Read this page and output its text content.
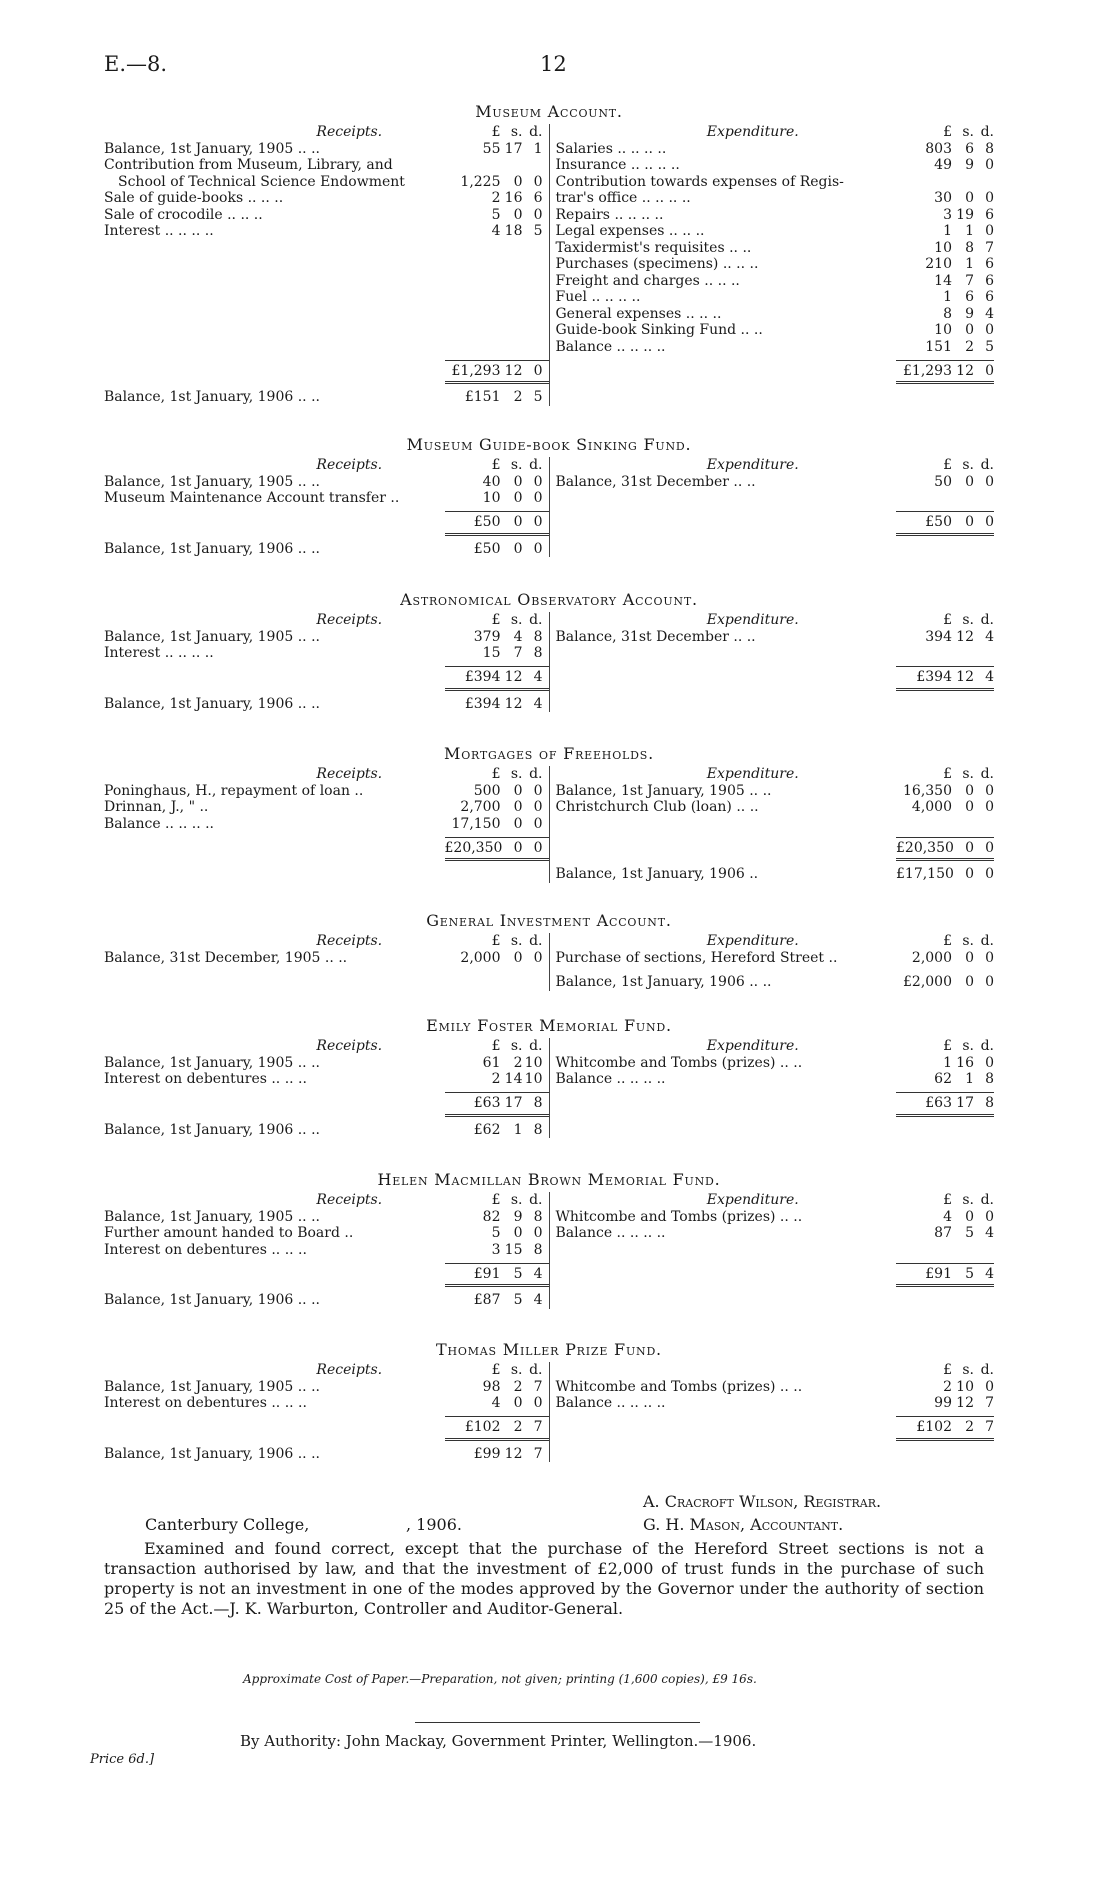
E.—8.	12
Museum Account.
Receipts.	£ s. d.
Balance, 1st January, 1905 .. ..	55 17 1
Contribution from Museum, Library, and
School of Technical Science Endowment	1,225 0 0
Sale of guide-books .. .. ..	2 16 6
Sale of crocodile .. .. ..	5 0 0
Interest .. .. .. ..	4 18 5
£1,293 12 0
Balance, 1st January, 1906 .. ..	£151 2 5
Expenditure.	£ s. d.
Salaries .. .. .. ..	803 6 8
Insurance .. .. .. ..	49 9 0
Contribution towards expenses of Regis-
trar's office .. .. .. ..	30 0 0
Repairs .. .. .. ..	3 19 6
Legal expenses .. .. ..	1 1 0
Taxidermist's requisites .. ..	10 8 7
Purchases (specimens) .. .. ..	210 1 6
Freight and charges .. .. ..	14 7 6
Fuel .. .. .. ..	1 6 6
General expenses .. .. ..	8 9 4
Guide-book Sinking Fund .. ..	10 0 0
Balance .. .. .. ..	151 2 5
£1,293 12 0
Museum Guide-book Sinking Fund.
Receipts.	£ s. d.
Balance, 1st January, 1905 .. ..	40 0 0
Museum Maintenance Account transfer ..	10 0 0
£50 0 0
Balance, 1st January, 1906 .. ..	£50 0 0
Expenditure.	£ s. d.
Balance, 31st December .. ..	50 0 0
£50 0 0
Astronomical Observatory Account.
Receipts.	£ s. d.
Balance, 1st January, 1905 .. ..	379 4 8
Interest .. .. .. ..	15 7 8
£394 12 4
Balance, 1st January, 1906 .. ..	£394 12 4
Expenditure.	£ s. d.
Balance, 31st December .. ..	394 12 4
£394 12 4
Mortgages of Freeholds.
Receipts.	£ s. d.
Poninghaus, H., repayment of loan ..	500 0 0
Drinnan, J., " ..	2,700 0 0
Balance .. .. .. ..	17,150 0 0
£20,350 0 0
Expenditure.	£ s. d.
Balance, 1st January, 1905 .. ..	16,350 0 0
Christchurch Club (loan) .. ..	4,000 0 0
£20,350 0 0
Balance, 1st January, 1906 ..	£17,150 0 0
General Investment Account.
Receipts.	£ s. d.
Balance, 31st December, 1905 .. ..	2,000 0 0
Expenditure.	£ s. d.
Purchase of sections, Hereford Street ..	2,000 0 0
Balance, 1st January, 1906 .. ..	£2,000 0 0
Emily Foster Memorial Fund.
Receipts.	£ s. d.
Balance, 1st January, 1905 .. ..	61 2 10
Interest on debentures .. .. ..	2 14 10
£63 17 8
Balance, 1st January, 1906 .. ..	£62 1 8
Expenditure.	£ s. d.
Whitcombe and Tombs (prizes) .. ..	1 16 0
Balance .. .. .. ..	62 1 8
£63 17 8
Helen Macmillan Brown Memorial Fund.
Receipts.	£ s. d.
Balance, 1st January, 1905 .. ..	82 9 8
Further amount handed to Board ..	5 0 0
Interest on debentures .. .. ..	3 15 8
£91 5 4
Balance, 1st January, 1906 .. ..	£87 5 4
Expenditure.	£ s. d.
Whitcombe and Tombs (prizes) .. ..	4 0 0
Balance .. .. .. ..	87 5 4
£91 5 4
Thomas Miller Prize Fund.
Receipts.	£ s. d.
Balance, 1st January, 1905 .. ..	98 2 7
Interest on debentures .. .. ..	4 0 0
£102 2 7
Balance, 1st January, 1906 .. ..	£99 12 7
£ s. d.
Whitcombe and Tombs (prizes) .. ..	2 10 0
Balance .. .. .. ..	99 12 7
£102 2 7
A. Cracroft Wilson, Registrar.
Canterbury College,	, 1906.	G. H. Mason, Accountant.
Examined and found correct, except that the purchase of the Hereford Street sections is not a transaction authorised by law, and that the investment of £2,000 of trust funds in the purchase of such property is not an investment in one of the modes approved by the Governor under the authority of section 25 of the Act.—J. K. Warburton, Controller and Auditor-General.
Approximate Cost of Paper.—Preparation, not given; printing (1,600 copies), £9 16s.
By Authority: John Mackay, Government Printer, Wellington.—1906.
Price 6d.]
